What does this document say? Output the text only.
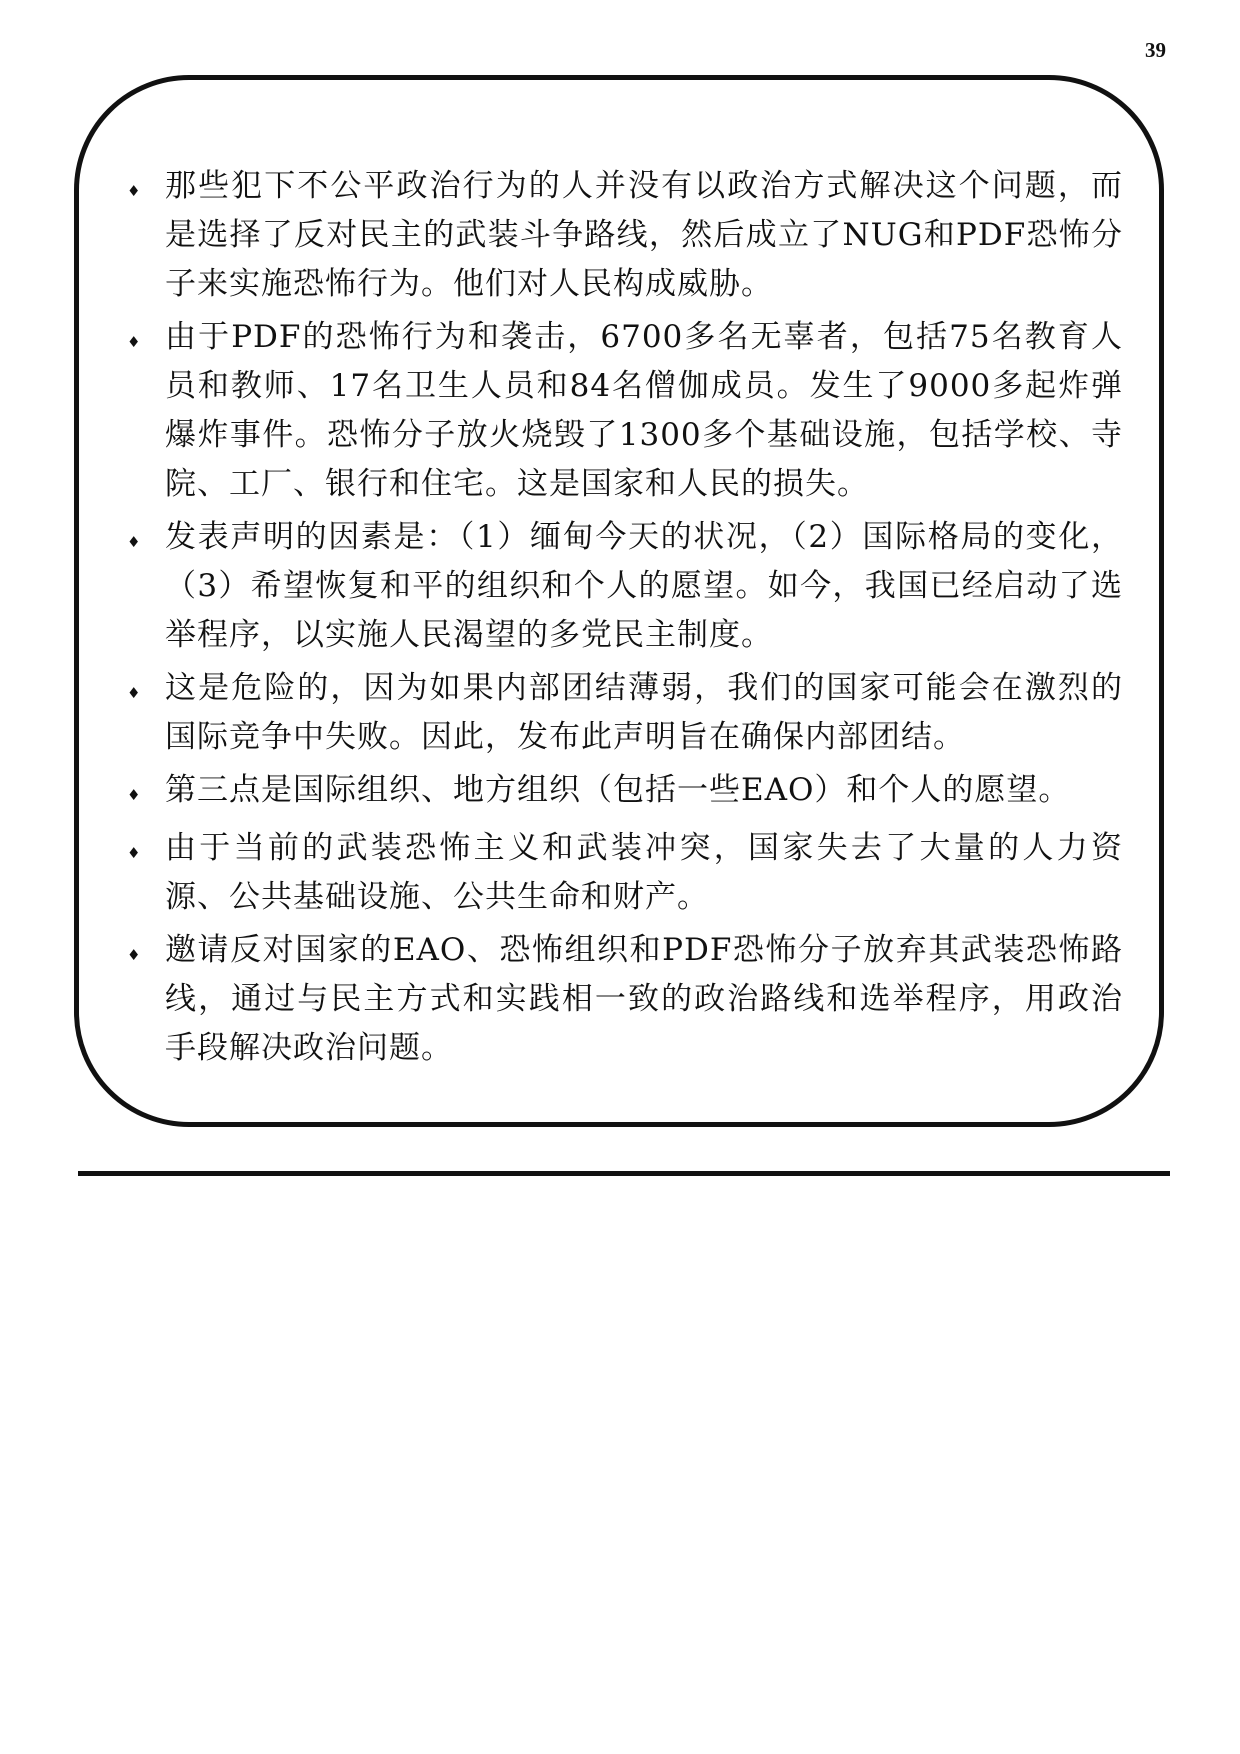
39
♦ 那些犯下不公平政治行为的人并没有以政治方式解决这个问题，而是选择了反对民主的武装斗争路线，然后成立了NUG和PDF恐怖分子来实施恐怖行为。他们对人民构成威胁。
♦ 由于PDF的恐怖行为和袭击，6700多名无辜者，包括75名教育人员和教师、17名卫生人员和84名僧伽成员。发生了9000多起炸弹爆炸事件。恐怖分子放火烧毁了1300多个基础设施，包括学校、寺院、工厂、银行和住宅。这是国家和人民的损失。
♦ 发表声明的因素是：（1）缅甸今天的状况，（2）国际格局的变化，（3）希望恢复和平的组织和个人的愿望。如今，我国已经启动了选举程序，以实施人民渴望的多党民主制度。
♦ 这是危险的，因为如果内部团结薄弱，我们的国家可能会在激烈的国际竞争中失败。因此，发布此声明旨在确保内部团结。
♦ 第三点是国际组织、地方组织（包括一些EAO）和个人的愿望。
♦ 由于当前的武装恐怖主义和武装冲突，国家失去了大量的人力资源、公共基础设施、公共生命和财产。
♦ 邀请反对国家的EAO、恐怖组织和PDF恐怖分子放弃其武装恐怖路线，通过与民主方式和实践相一致的政治路线和选举程序，用政治手段解决政治问题。
